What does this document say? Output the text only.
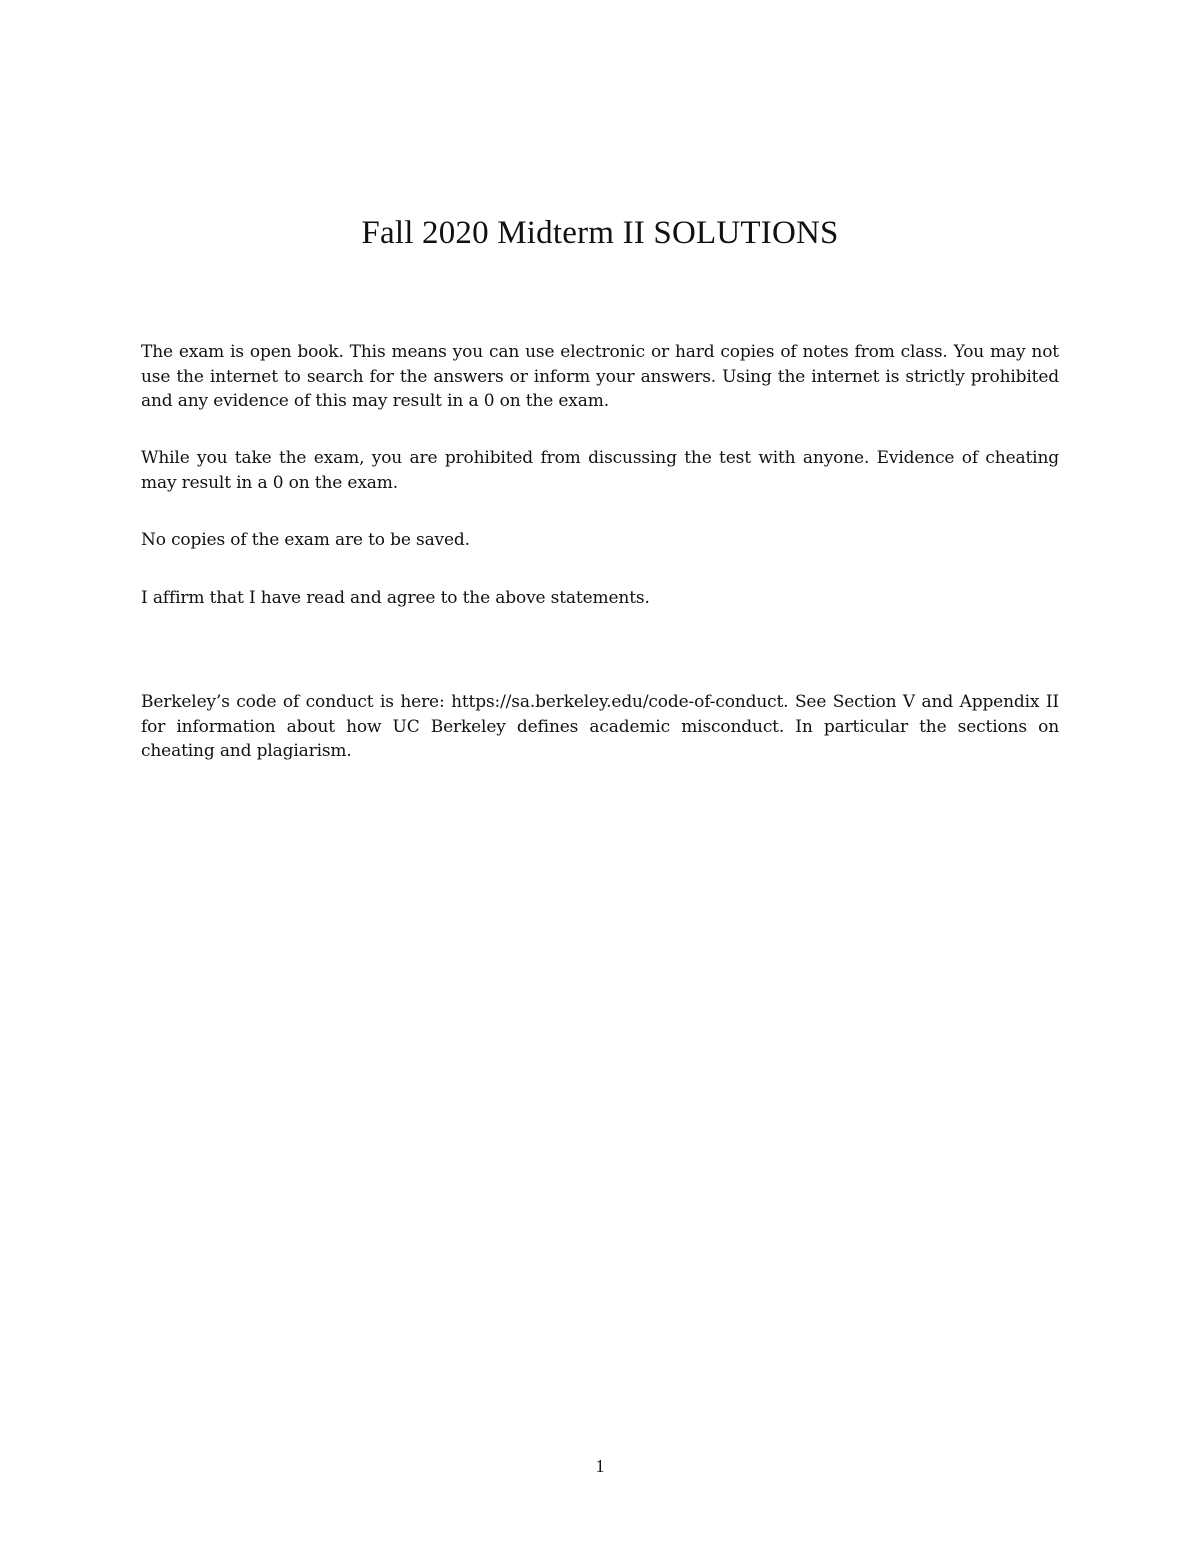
Fall 2020 Midterm II SOLUTIONS

The exam is open book. This means you can use electronic or hard copies of notes from class. You may not use the internet to search for the answers or inform your answers. Using the internet is strictly prohibited and any evidence of this may result in a 0 on the exam.

While you take the exam, you are prohibited from discussing the test with anyone. Evidence of cheating may result in a 0 on the exam.

No copies of the exam are to be saved.

I affirm that I have read and agree to the above statements.

Berkeley’s code of conduct is here: https://sa.berkeley.edu/code-of-conduct. See Section V and Appendix II for information about how UC Berkeley defines academic misconduct. In particular the sections on cheating and plagiarism.

1
